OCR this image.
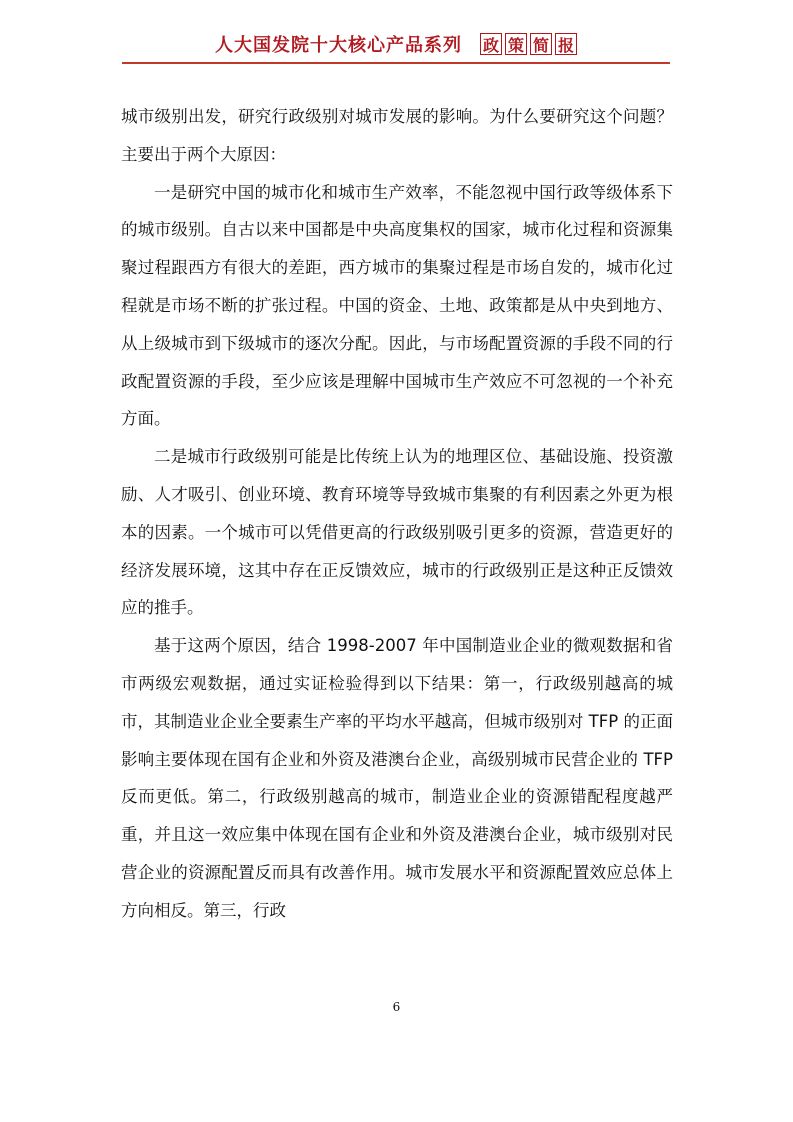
人大国发院十大核心产品系列 政 策 简 报

城市级别出发，研究行政级别对城市发展的影响。为什么要研究这个问题？主要出于两个大原因：

一是研究中国的城市化和城市生产效率，不能忽视中国行政等级体系下的城市级别。自古以来中国都是中央高度集权的国家，城市化过程和资源集聚过程跟西方有很大的差距，西方城市的集聚过程是市场自发的，城市化过程就是市场不断的扩张过程。中国的资金、土地、政策都是从中央到地方、从上级城市到下级城市的逐次分配。因此，与市场配置资源的手段不同的行政配置资源的手段，至少应该是理解中国城市生产效应不可忽视的一个补充方面。

二是城市行政级别可能是比传统上认为的地理区位、基础设施、投资激励、人才吸引、创业环境、教育环境等导致城市集聚的有利因素之外更为根本的因素。一个城市可以凭借更高的行政级别吸引更多的资源，营造更好的经济发展环境，这其中存在正反馈效应，城市的行政级别正是这种正反馈效应的推手。

基于这两个原因，结合 1998-2007 年中国制造业企业的微观数据和省市两级宏观数据，通过实证检验得到以下结果：第一，行政级别越高的城市，其制造业企业全要素生产率的平均水平越高，但城市级别对 TFP 的正面影响主要体现在国有企业和外资及港澳台企业，高级别城市民营企业的 TFP 反而更低。第二，行政级别越高的城市，制造业企业的资源错配程度越严重，并且这一效应集中体现在国有企业和外资及港澳台企业，城市级别对民营企业的资源配置反而具有改善作用。城市发展水平和资源配置效应总体上方向相反。第三，行政

6
